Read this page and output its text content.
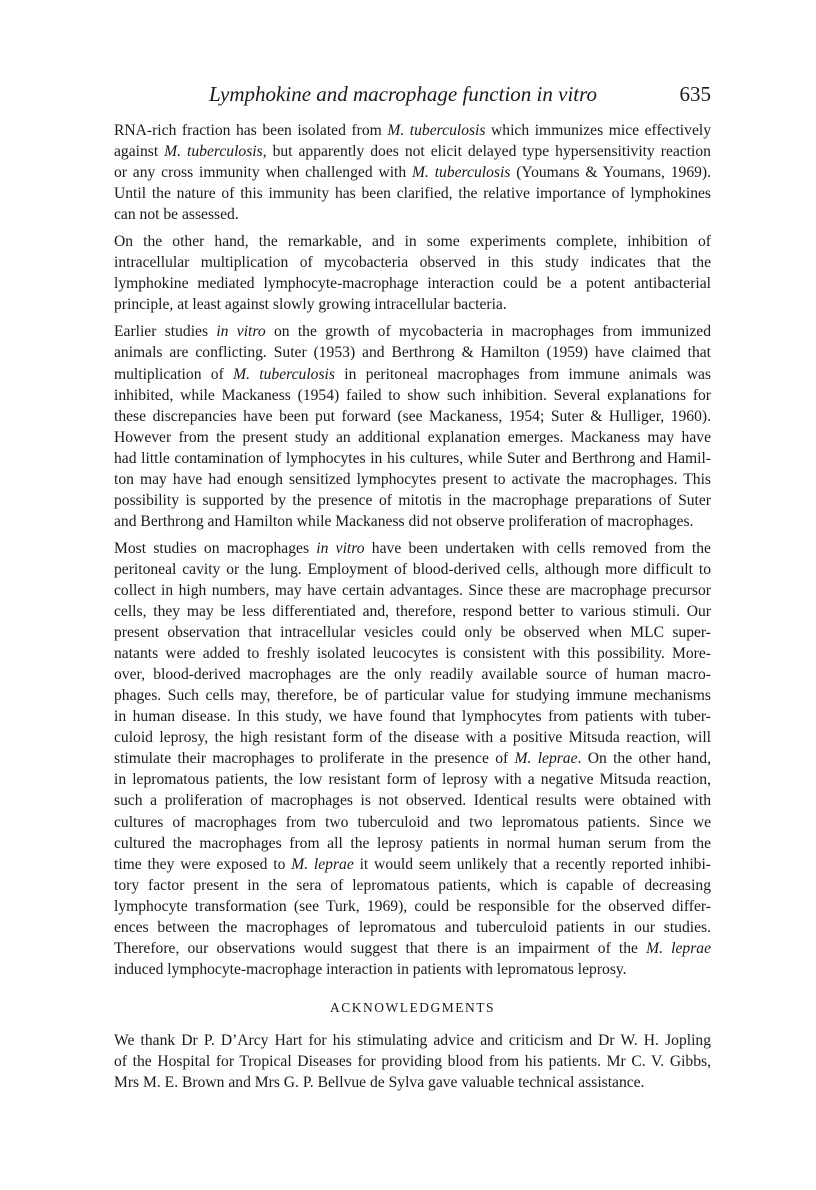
Lymphokine and macrophage function in vitro	635
RNA-rich fraction has been isolated from M. tuberculosis which immunizes mice effectively
against M. tuberculosis, but apparently does not elicit delayed type hypersensitivity reaction
or any cross immunity when challenged with M. tuberculosis (Youmans & Youmans, 1969).
Until the nature of this immunity has been clarified, the relative importance of lymphokines
can not be assessed.
On the other hand, the remarkable, and in some experiments complete, inhibition of
intracellular multiplication of mycobacteria observed in this study indicates that the
lymphokine mediated lymphocyte-macrophage interaction could be a potent antibacterial
principle, at least against slowly growing intracellular bacteria.
Earlier studies in vitro on the growth of mycobacteria in macrophages from immunized
animals are conflicting. Suter (1953) and Berthrong & Hamilton (1959) have claimed that
multiplication of M. tuberculosis in peritoneal macrophages from immune animals was
inhibited, while Mackaness (1954) failed to show such inhibition. Several explanations for
these discrepancies have been put forward (see Mackaness, 1954; Suter & Hulliger, 1960).
However from the present study an additional explanation emerges. Mackaness may have
had little contamination of lymphocytes in his cultures, while Suter and Berthrong and Hamil-
ton may have had enough sensitized lymphocytes present to activate the macrophages. This
possibility is supported by the presence of mitotis in the macrophage preparations of Suter
and Berthrong and Hamilton while Mackaness did not observe proliferation of macrophages.
Most studies on macrophages in vitro have been undertaken with cells removed from the
peritoneal cavity or the lung. Employment of blood-derived cells, although more difficult to
collect in high numbers, may have certain advantages. Since these are macrophage precursor
cells, they may be less differentiated and, therefore, respond better to various stimuli. Our
present observation that intracellular vesicles could only be observed when MLC super-
natants were added to freshly isolated leucocytes is consistent with this possibility. More-
over, blood-derived macrophages are the only readily available source of human macro-
phages. Such cells may, therefore, be of particular value for studying immune mechanisms
in human disease. In this study, we have found that lymphocytes from patients with tuber-
culoid leprosy, the high resistant form of the disease with a positive Mitsuda reaction, will
stimulate their macrophages to proliferate in the presence of M. leprae. On the other hand,
in lepromatous patients, the low resistant form of leprosy with a negative Mitsuda reaction,
such a proliferation of macrophages is not observed. Identical results were obtained with
cultures of macrophages from two tuberculoid and two lepromatous patients. Since we
cultured the macrophages from all the leprosy patients in normal human serum from the
time they were exposed to M. leprae it would seem unlikely that a recently reported inhibi-
tory factor present in the sera of lepromatous patients, which is capable of decreasing
lymphocyte transformation (see Turk, 1969), could be responsible for the observed differ-
ences between the macrophages of lepromatous and tuberculoid patients in our studies.
Therefore, our observations would suggest that there is an impairment of the M. leprae
induced lymphocyte-macrophage interaction in patients with lepromatous leprosy.
ACKNOWLEDGMENTS
We thank Dr P. D’Arcy Hart for his stimulating advice and criticism and Dr W. H. Jopling
of the Hospital for Tropical Diseases for providing blood from his patients. Mr C. V. Gibbs,
Mrs M. E. Brown and Mrs G. P. Bellvue de Sylva gave valuable technical assistance.
